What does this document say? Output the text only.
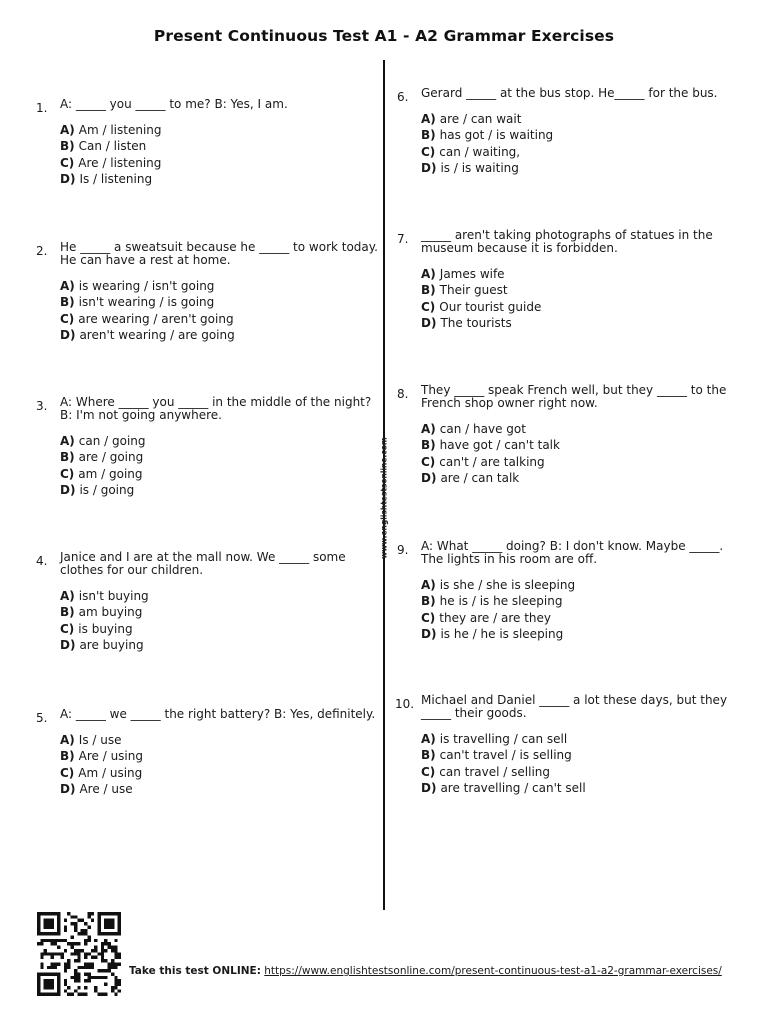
Present Continuous Test A1 - A2 Grammar Exercises
www.englishtestsonline.com
1. A: _____ you _____ to me? B: Yes, I am.
A) Am / listening
B) Can / listen
C) Are / listening
D) Is / listening
2. He _____ a sweatsuit because he _____ to work today.
He can have a rest at home.
A) is wearing / isn't going
B) isn't wearing / is going
C) are wearing / aren't going
D) aren't wearing / are going
3. A: Where _____ you _____ in the middle of the night?
B: I'm not going anywhere.
A) can / going
B) are / going
C) am / going
D) is / going
4. Janice and I are at the mall now. We _____ some
clothes for our children.
A) isn't buying
B) am buying
C) is buying
D) are buying
5. A: _____ we _____ the right battery? B: Yes, definitely.
A) Is / use
B) Are / using
C) Am / using
D) Are / use
6. Gerard _____ at the bus stop. He_____ for the bus.
A) are / can wait
B) has got / is waiting
C) can / waiting,
D) is / is waiting
7. _____ aren't taking photographs of statues in the
museum because it is forbidden.
A) James wife
B) Their guest
C) Our tourist guide
D) The tourists
8. They _____ speak French well, but they _____ to the
French shop owner right now.
A) can / have got
B) have got / can't talk
C) can't / are talking
D) are / can talk
9. A: What _____ doing? B: I don't know. Maybe _____.
The lights in his room are off.
A) is she / she is sleeping
B) he is / is he sleeping
C) they are / are they
D) is he / he is sleeping
10. Michael and Daniel _____ a lot these days, but they
_____ their goods.
A) is travelling / can sell
B) can't travel / is selling
C) can travel / selling
D) are travelling / can't sell
Take this test ONLINE: https://www.englishtestsonline.com/present-continuous-test-a1-a2-grammar-exercises/
